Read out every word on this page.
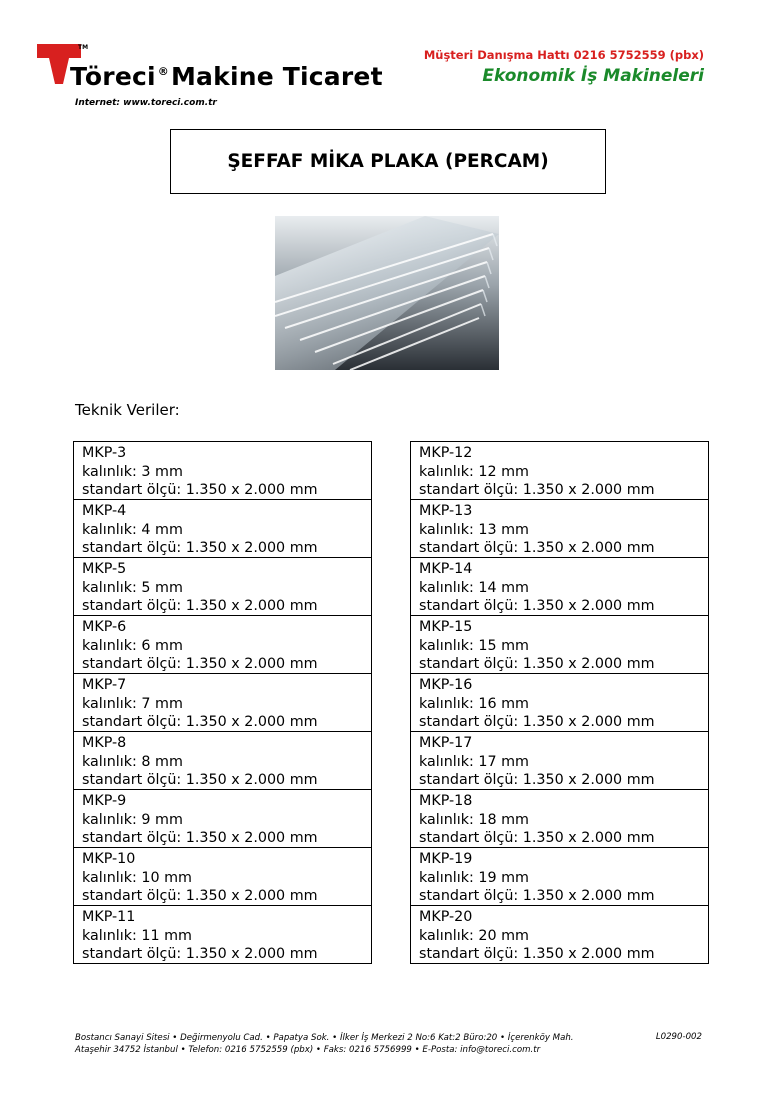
TM
Töreci ®Makine Ticaret
Internet: www.toreci.com.tr
Müşteri Danışma Hattı 0216 5752559 (pbx)
Ekonomik İş Makineleri
ŞEFFAF MİKA PLAKA (PERCAM)
Teknik Veriler:
MKP-3
kalınlık: 3 mm
standart ölçü: 1.350 x 2.000 mm
MKP-4
kalınlık: 4 mm
standart ölçü: 1.350 x 2.000 mm
MKP-5
kalınlık: 5 mm
standart ölçü: 1.350 x 2.000 mm
MKP-6
kalınlık: 6 mm
standart ölçü: 1.350 x 2.000 mm
MKP-7
kalınlık: 7 mm
standart ölçü: 1.350 x 2.000 mm
MKP-8
kalınlık: 8 mm
standart ölçü: 1.350 x 2.000 mm
MKP-9
kalınlık: 9 mm
standart ölçü: 1.350 x 2.000 mm
MKP-10
kalınlık: 10 mm
standart ölçü: 1.350 x 2.000 mm
MKP-11
kalınlık: 11 mm
standart ölçü: 1.350 x 2.000 mm
MKP-12
kalınlık: 12 mm
standart ölçü: 1.350 x 2.000 mm
MKP-13
kalınlık: 13 mm
standart ölçü: 1.350 x 2.000 mm
MKP-14
kalınlık: 14 mm
standart ölçü: 1.350 x 2.000 mm
MKP-15
kalınlık: 15 mm
standart ölçü: 1.350 x 2.000 mm
MKP-16
kalınlık: 16 mm
standart ölçü: 1.350 x 2.000 mm
MKP-17
kalınlık: 17 mm
standart ölçü: 1.350 x 2.000 mm
MKP-18
kalınlık: 18 mm
standart ölçü: 1.350 x 2.000 mm
MKP-19
kalınlık: 19 mm
standart ölçü: 1.350 x 2.000 mm
MKP-20
kalınlık: 20 mm
standart ölçü: 1.350 x 2.000 mm
Bostancı Sanayi Sitesi • Değirmenyolu Cad. • Papatya Sok. • İlker İş Merkezi 2 No:6 Kat:2 Büro:20 • İçerenköy Mah.
Ataşehir 34752 İstanbul • Telefon: 0216 5752559 (pbx) • Faks: 0216 5756999 • E-Posta: info@toreci.com.tr
L0290-002
